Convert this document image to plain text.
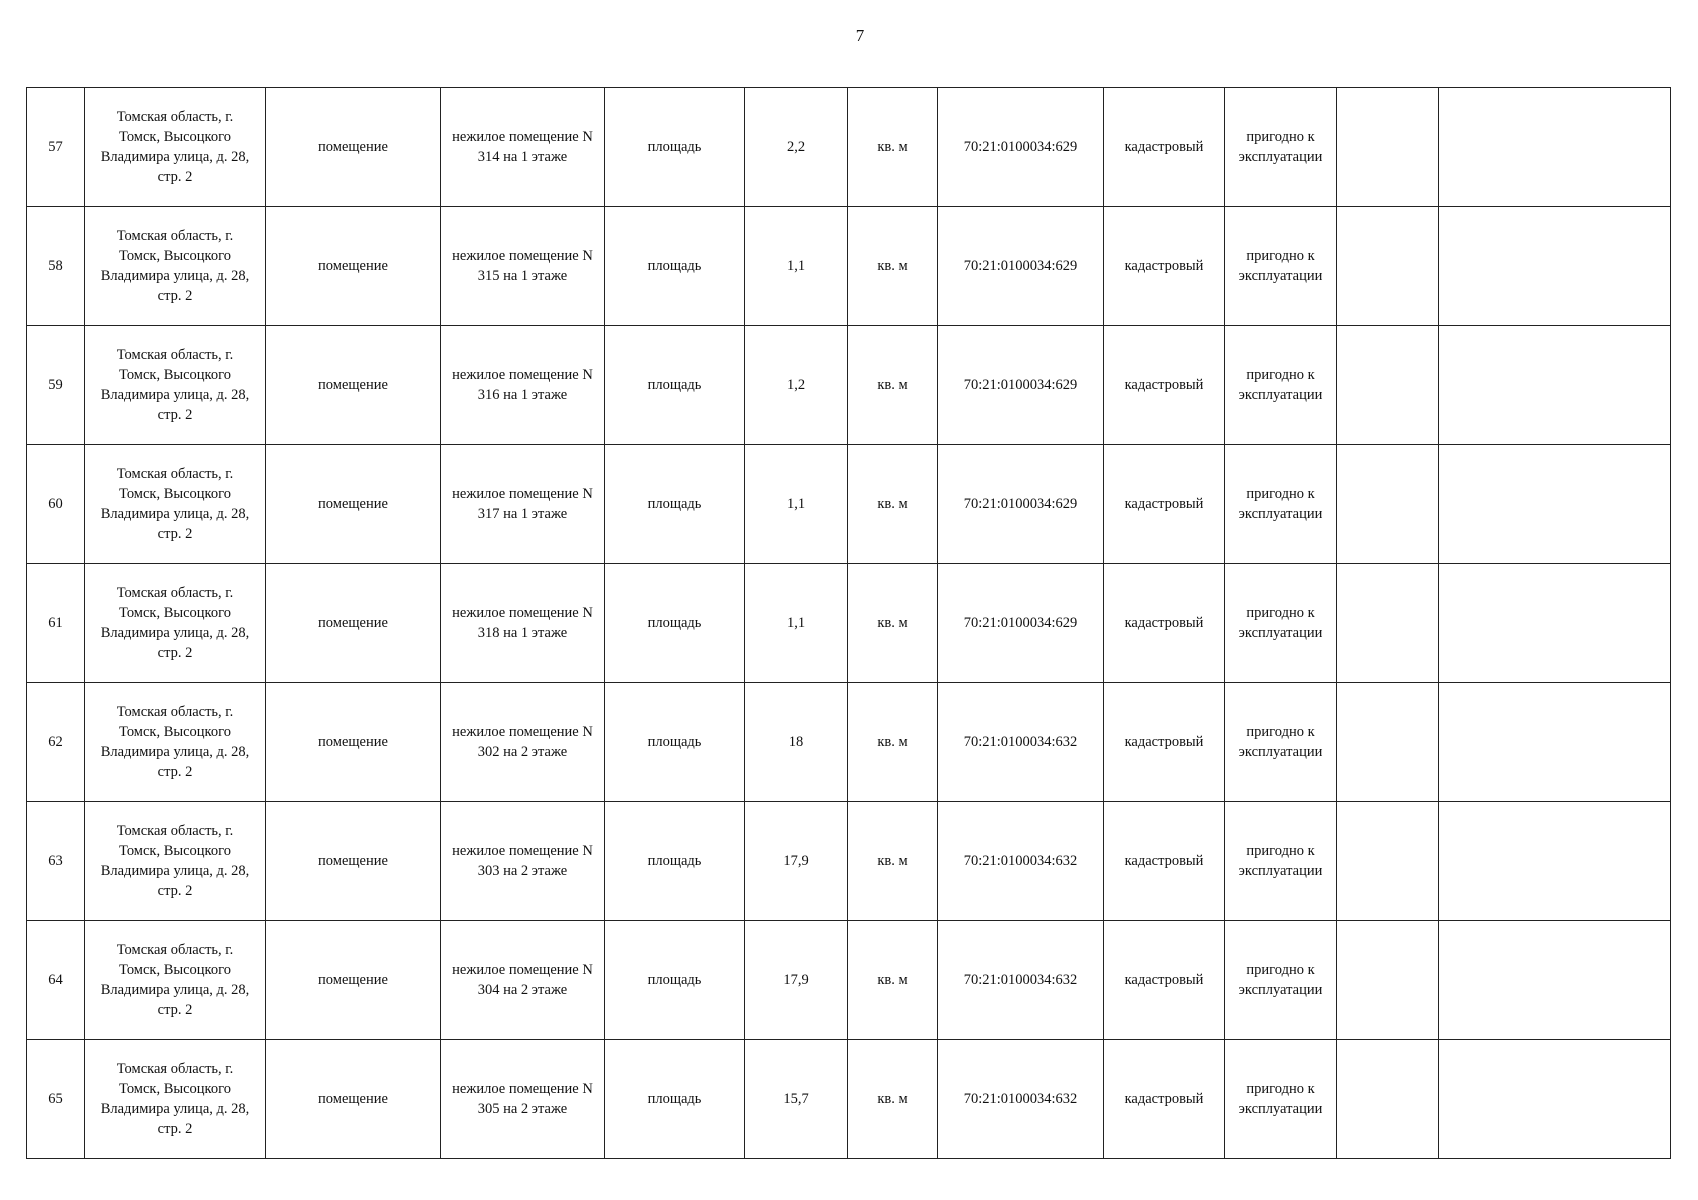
7
57	Томская область, г.
Томск, Высоцкого
Владимира улица, д. 28,
стр. 2	помещение	нежилое помещение N
314 на 1 этаже	площадь	2,2	кв. м	70:21:0100034:629	кадастровый	пригодно к
эксплуатации		
58	Томская область, г.
Томск, Высоцкого
Владимира улица, д. 28,
стр. 2	помещение	нежилое помещение N
315 на 1 этаже	площадь	1,1	кв. м	70:21:0100034:629	кадастровый	пригодно к
эксплуатации		
59	Томская область, г.
Томск, Высоцкого
Владимира улица, д. 28,
стр. 2	помещение	нежилое помещение N
316 на 1 этаже	площадь	1,2	кв. м	70:21:0100034:629	кадастровый	пригодно к
эксплуатации		
60	Томская область, г.
Томск, Высоцкого
Владимира улица, д. 28,
стр. 2	помещение	нежилое помещение N
317 на 1 этаже	площадь	1,1	кв. м	70:21:0100034:629	кадастровый	пригодно к
эксплуатации		
61	Томская область, г.
Томск, Высоцкого
Владимира улица, д. 28,
стр. 2	помещение	нежилое помещение N
318 на 1 этаже	площадь	1,1	кв. м	70:21:0100034:629	кадастровый	пригодно к
эксплуатации		
62	Томская область, г.
Томск, Высоцкого
Владимира улица, д. 28,
стр. 2	помещение	нежилое помещение N
302 на 2 этаже	площадь	18	кв. м	70:21:0100034:632	кадастровый	пригодно к
эксплуатации		
63	Томская область, г.
Томск, Высоцкого
Владимира улица, д. 28,
стр. 2	помещение	нежилое помещение N
303 на 2 этаже	площадь	17,9	кв. м	70:21:0100034:632	кадастровый	пригодно к
эксплуатации		
64	Томская область, г.
Томск, Высоцкого
Владимира улица, д. 28,
стр. 2	помещение	нежилое помещение N
304 на 2 этаже	площадь	17,9	кв. м	70:21:0100034:632	кадастровый	пригодно к
эксплуатации		
65	Томская область, г.
Томск, Высоцкого
Владимира улица, д. 28,
стр. 2	помещение	нежилое помещение N
305 на 2 этаже	площадь	15,7	кв. м	70:21:0100034:632	кадастровый	пригодно к
эксплуатации		
